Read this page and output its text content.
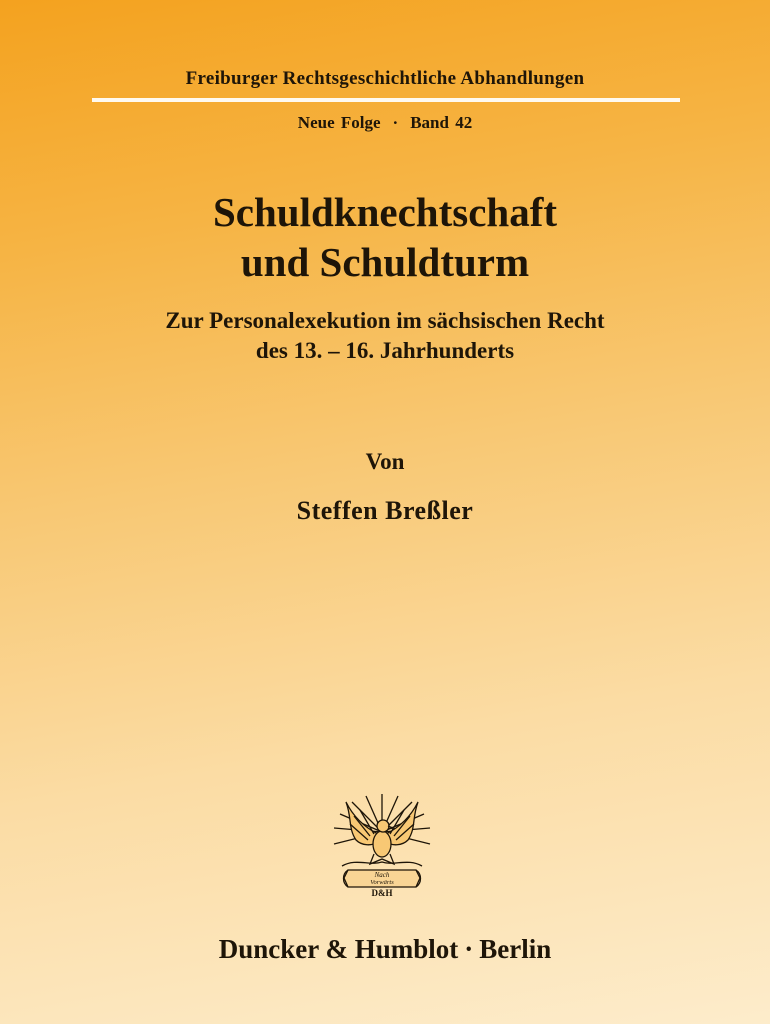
Freiburger Rechtsgeschichtliche Abhandlungen
Neue Folge · Band 42
Schuldknechtschaft
und Schuldturm
Zur Personalexekution im sächsischen Recht
des 13. – 16. Jahrhunderts
Von
Steffen Breßler
Nach
Vorwärts
D&H
Duncker & Humblot · Berlin
